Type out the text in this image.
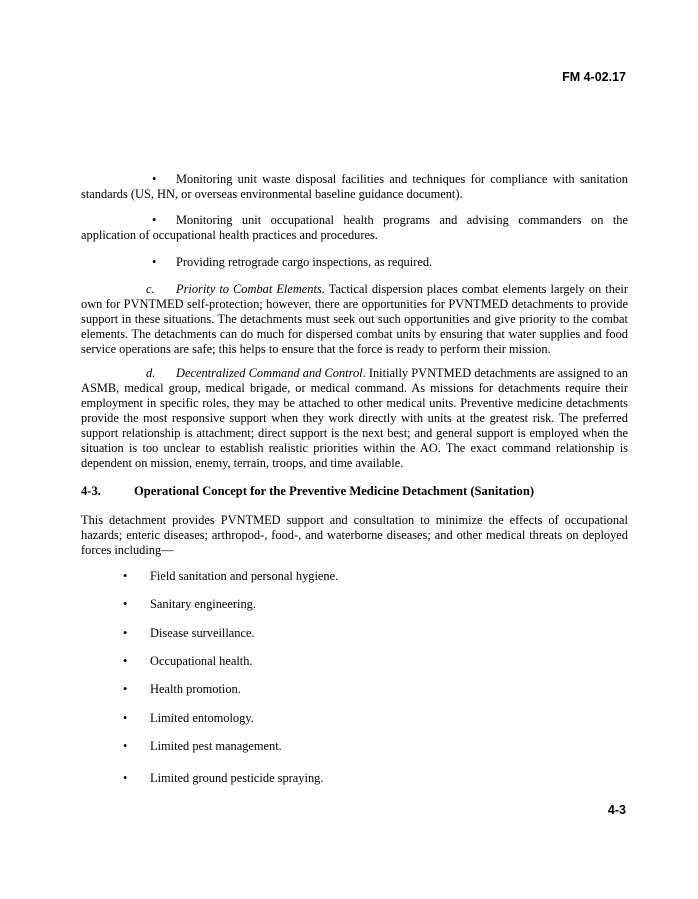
FM 4-02.17
• Monitoring unit waste disposal facilities and techniques for compliance with sanitation standards (US, HN, or overseas environmental baseline guidance document).
• Monitoring unit occupational health programs and advising commanders on the application of occupational health practices and procedures.
• Providing retrograde cargo inspections, as required.
c. Priority to Combat Elements. Tactical dispersion places combat elements largely on their own for PVNTMED self-protection; however, there are opportunities for PVNTMED detachments to provide support in these situations. The detachments must seek out such opportunities and give priority to the combat elements. The detachments can do much for dispersed combat units by ensuring that water supplies and food service operations are safe; this helps to ensure that the force is ready to perform their mission.
d. Decentralized Command and Control. Initially PVNTMED detachments are assigned to an ASMB, medical group, medical brigade, or medical command. As missions for detachments require their employment in specific roles, they may be attached to other medical units. Preventive medicine detachments provide the most responsive support when they work directly with units at the greatest risk. The preferred support relationship is attachment; direct support is the next best; and general support is employed when the situation is too unclear to establish realistic priorities within the AO. The exact command relationship is dependent on mission, enemy, terrain, troops, and time available.
4-3.	Operational Concept for the Preventive Medicine Detachment (Sanitation)
This detachment provides PVNTMED support and consultation to minimize the effects of occupational hazards; enteric diseases; arthropod-, food-, and waterborne diseases; and other medical threats on deployed forces including—
• Field sanitation and personal hygiene.
• Sanitary engineering.
• Disease surveillance.
• Occupational health.
• Health promotion.
• Limited entomology.
• Limited pest management.
• Limited ground pesticide spraying.
4-3
